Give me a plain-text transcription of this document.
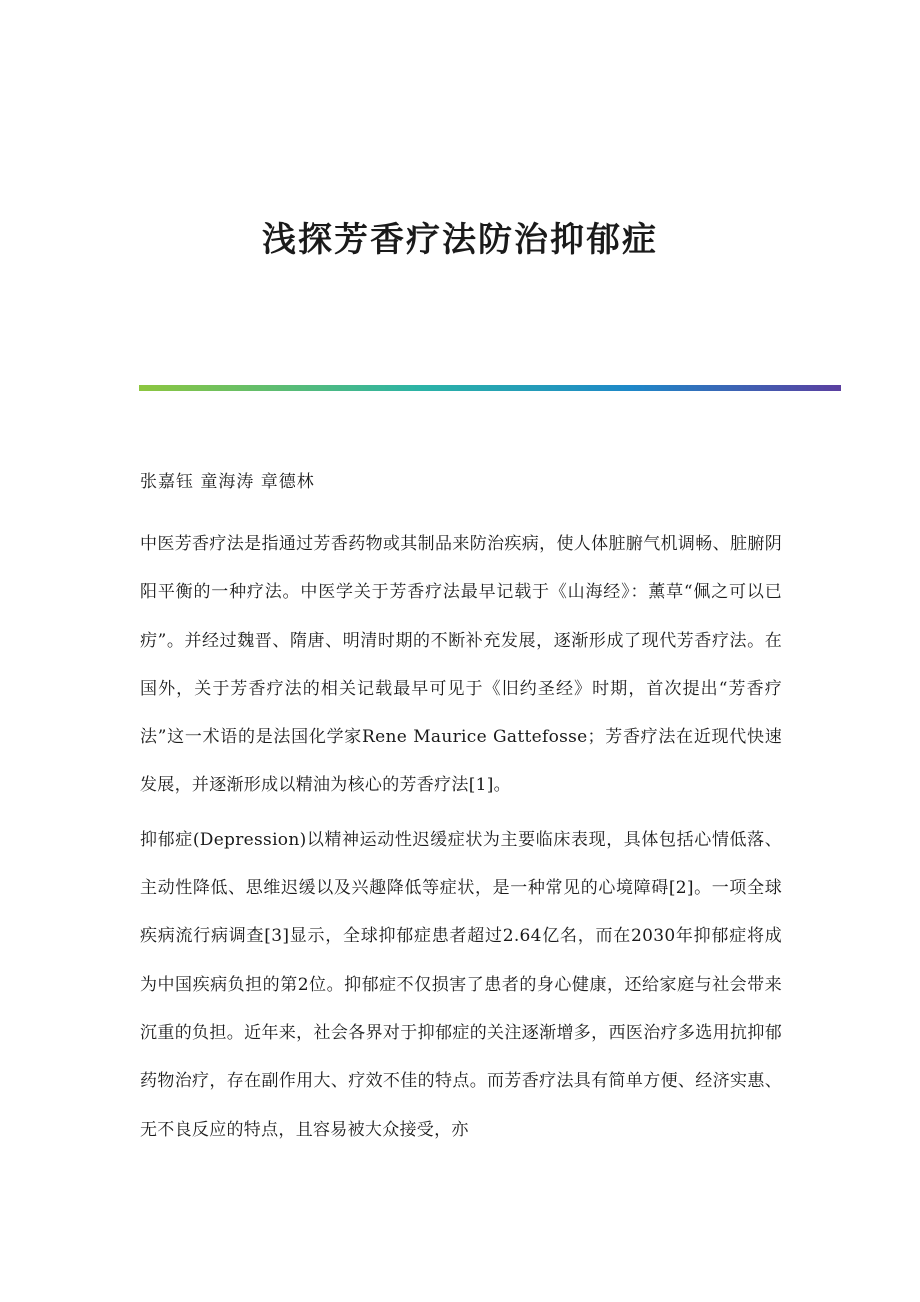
浅探芳香疗法防治抑郁症

张嘉钰 童海涛 章德林

中医芳香疗法是指通过芳香药物或其制品来防治疾病，使人体脏腑气机调畅、脏腑阴阳平衡的一种疗法。中医学关于芳香疗法最早记载于《山海经》：薰草“佩之可以已疠”。并经过魏晋、隋唐、明清时期的不断补充发展，逐渐形成了现代芳香疗法。在国外，关于芳香疗法的相关记载最早可见于《旧约圣经》时期，首次提出“芳香疗法”这一术语的是法国化学家Rene Maurice Gattefossе；芳香疗法在近现代快速发展，并逐渐形成以精油为核心的芳香疗法[1]。

抑郁症(Depression)以精神运动性迟缓症状为主要临床表现，具体包括心情低落、主动性降低、思维迟缓以及兴趣降低等症状，是一种常见的心境障碍[2]。一项全球疾病流行病调查[3]显示，全球抑郁症患者超过2.64亿名，而在2030年抑郁症将成为中国疾病负担的第2位。抑郁症不仅损害了患者的身心健康，还给家庭与社会带来沉重的负担。近年来，社会各界对于抑郁症的关注逐渐增多，西医治疗多选用抗抑郁药物治疗，存在副作用大、疗效不佳的特点。而芳香疗法具有简单方便、经济实惠、无不良反应的特点，且容易被大众接受，亦
